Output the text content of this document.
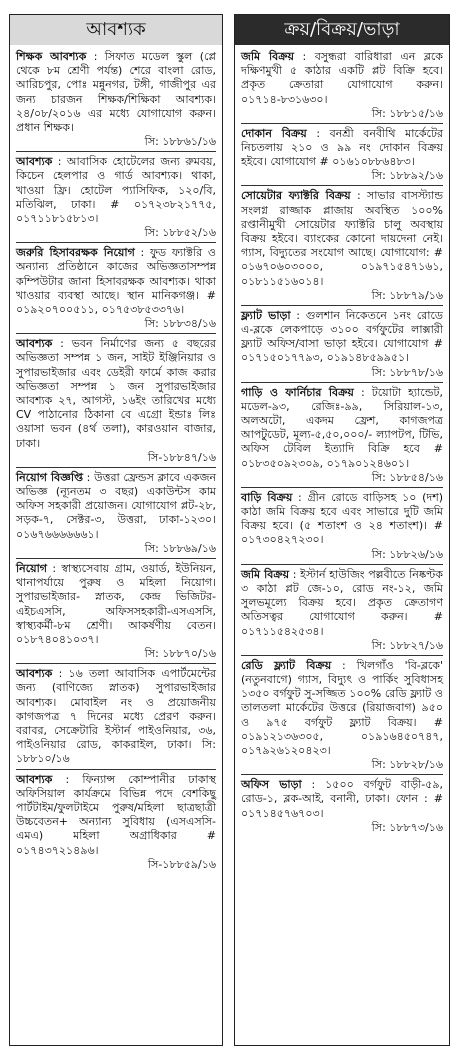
আবশ্যক
শিক্ষক আবশ্যক : সিফাত মডেল স্কুল (প্লে থেকে ৮ম শ্রেণী পর্যন্ত) শেরে বাংলা রোড, আরিচপুর, পোঃ মন্নুনগর, টঙ্গী, গাজীপুর এর জন্য চারজন শিক্ষক/শিক্ষিকা আবশ্যক। ২৪/০৮/২০১৬ এর মধ্যে যোগাযোগ করুন। প্রধান শিক্ষক।
সি: ১৮৮৬১/১৬
আবশ্যক : আবাসিক হোটেলের জন্য রুমবয়, কিচেন হেলপার ও গার্ড আবশ্যক। থাকা, খাওয়া ফ্রি। হোটেল প্যাসিফিক, ১২০/বি, মতিঝিল, ঢাকা। # ০১৭২৩৮২১৭৭৫, ০১৭১১৮১৫৮১৩।
সি: ১৮৮৫২/১৬
জরুরি হিসাবরক্ষক নিয়োগ : ফুড ফ্যাক্টরি ও অন্যান্য প্রতিষ্ঠানে কাজের অভিজ্ঞতাসম্পন্ন কম্পিউটার জানা হিসাবরক্ষক আবশ্যক। থাকা খাওয়ার ব্যবস্থা আছে। স্থান মানিকগঞ্জ। # ০১৯২০৭০০৫১১, ০১৭৫৩৮৫৩৩৭৬।
সি: ১৮৮৩৪/১৬
আবশ্যক : ভবন নির্মাণের জন্য ৫ বছরের অভিজ্ঞতা সম্পন্ন ১ জন, সাইট ইঞ্জিনিয়ার ও সুপারভাইজার এবং ডেইরী ফার্মে কাজ করার অভিজ্ঞতা সম্পন্ন ১ জন সুপারভাইজার আবশ্যক ২৭, আগস্ট, ১৬ইং তারিখের মধ্যে CV পাঠানোর ঠিকানা বে এগ্রো ইন্ডাঃ লিঃ ওয়াসা ভবন (৪র্থ তলা), কারওয়ান বাজার, ঢাকা।
সি-১৮৮৪৭/১৬
নিয়োগ বিজ্ঞপ্তি : উত্তরা ফ্রেন্ডস ক্লাবে একজন অভিজ্ঞ (ন্যূনতম ৩ বছর) একাউন্টস কাম অফিস সহকারী প্রয়োজন। যোগাযোগ প্লট-২৮, সড়ক-৭, সেক্টর-৩, উত্তরা, ঢাকা-১২৩০। ০১৬৭৬৬৬৬৬৬১।
সি: ১৮৮৬৯/১৬
নিয়োগ : স্বাস্থ্যসেবায় গ্রাম, ওয়ার্ড, ইউনিয়ন, থানাপর্যায়ে পুরুষ ও মহিলা নিয়োগ। সুপারভাইজার- স্নাতক, কেন্দ্র ভিজিটর-এইচএসসি, অফিসসহকারী-এসএসসি, স্বাস্থ্যকর্মী-৮ম শ্রেণী। আকর্ষণীয় বেতন। ০১৮৭৪০৪১০৩৭।
সি: ১৮৮৭০/১৬
আবশ্যক : ১৬ তলা আবাসিক এপার্টমেন্টের জন্য (বাণিজ্যে স্নাতক) সুপারভাইজার আবশ্যক। মোবাইল নং ও প্রয়োজনীয় কাগজপত্র ৭ দিনের মধ্যে প্রেরণ করুন। বরাবর, সেক্রেটারি ইস্টার্ন পাইওনিয়ার, ৩৬, পাইওনিয়ার রোড, কাকরাইল, ঢাকা। সি: ১৮৮১০/১৬
আবশ্যক : ফিন্যান্স কোম্পানীর ঢাকাস্থ অফিসিয়াল কার্যক্রমে বিভিন্ন পদে বেশকিছু পার্টটাইম/ফুলটাইমে পুরুষ/মহিলা ছাত্রছাত্রী উচ্চবেতন+ অন্যান্য সুবিধায় (এসএসসি-এমএ) মহিলা অগ্রাধিকার # ০১৭৪৩৭২১৪৯৬।
সি-১৮৮৫৯/১৬
ক্রয়/বিক্রয়/ভাড়া
জমি বিক্রয় : বসুন্ধরা বারিধারা এন ব্লকে দক্ষিণমুখী ৫ কাঠার একটি প্লট বিক্রি হবে। প্রকৃত ক্রেতারা যোগাযোগ করুন। ০১৭১৪-৮৩১৬৩০।
সি: ১৮৮১৫/১৬
দোকান বিক্রয় : বনশ্রী বনবীথি মার্কেটের নিচতলায় ২১০ ও ৯৯ নং দোকান বিক্রয় হইবে। যোগাযোগ # ০১৬১০৮৮৬৪৮৩।
সি: ১৮৮৯২/১৬
সোয়েটার ফ্যাক্টরি বিক্রয় : সাভার বাসস্ট্যান্ড সংলগ্ন রাজ্জাক প্লাজায় অবস্থিত ১০০% রপ্তানীমুখী সোয়েটার ফ্যাক্টরি চালু অবস্থায় বিক্রয় হইবে। ব্যাংকের কোনো দায়দেনা নেই। গ্যাস, বিদ্যুতের সংযোগ আছে। যোগাযোগ: # ০১৬৭০৬০৩০০০, ০১৯৭১৫৪৭১৬১, ০১৮১১৫১৬০১৪।
সি: ১৮৮৭৯/১৬
ফ্ল্যাট ভাড়া : গুলশান নিকেতনে ১নং রোডে এ-ব্লকে লেকপাড়ে ৩১০০ বর্গফুটের লাক্সারী ফ্ল্যাট অফিস/বাসা ভাড়া হইবে। যোগাযোগ # ০১৭১৫০১৭৭৯৩, ০১৯১৪৮৫৯৯৫১।
সি: ১৮৮৭৮/১৬
গাড়ি ও ফার্নিচার বিক্রয় : টয়োটা হ্যান্ডেট, মডেল-৯৩, রেজিঃ-৯৯, সিরিয়াল-১৩, অলঅটো, একদম ফ্রেশ, কাগজপত্র আপটুডেট, মূল্য-৫,৫০,০০০/- ল্যাপটপ, টিভি, অফিস টেবিল ইত্যাদি বিক্রি হবে # ০১৮৩৫০৯২৩০৯, ০১৭৯০১২৪৬০১।
সি: ১৮৮৫৪/১৬
বাড়ি বিক্রয় : গ্রীন রোডে বাড়িসহ ১০ (দশ) কাঠা জমি বিক্রয় হবে এবং সাভারে দুটি জমি বিক্রয় হবে। (৫ শতাংশ ও ২৪ শতাংশ)। # ০১৭৩০৪২৭২৩০।
সি: ১৮৮২৬/১৬
জমি বিক্রয় : ইস্টার্ন হাউজিং পল্লবীতে নিষ্কণ্টক ৩ কাঠা প্লট জে-১০, রোড নং-১২, জমি সুলভমূল্যে বিক্রয় হবে। প্রকৃত ক্রেতাগণ অতিসত্বর যোগাযোগ করুন। # ০১৭১১৫৪২৫৩৪।
সি: ১৮৮২৭/১৬
রেডি ফ্ল্যাট বিক্রয় : খিলগাঁও 'বি-ব্লকে' (নতুনবাগে) গ্যাস, বিদ্যুৎ ও পার্কিং সুবিধাসহ ১৩৫০ বর্গফুট সু-সজ্জিত ১০০% রেডি ফ্ল্যাট ও তালতলা মার্কেটের উত্তরে (রিয়াজবাগ) ৯৫০ ও ৯৭৫ বর্গফুট ফ্ল্যাট বিক্রয়। # ০১৯১২১৩৬৩০৫, ০১৯১৬৪৫০৭৪৭, ০১৭৯২৬১২০৪২৩।
সি: ১৮৮২৮/১৬
অফিস ভাড়া : ১৫০০ বর্গফুট বাড়ী-৫৯, রোড-১, ব্লক-আই, বনানী, ঢাকা। ফোন : # ০১৭১৪৫৭৬৭০৩।
সি: ১৮৮৭৩/১৬
